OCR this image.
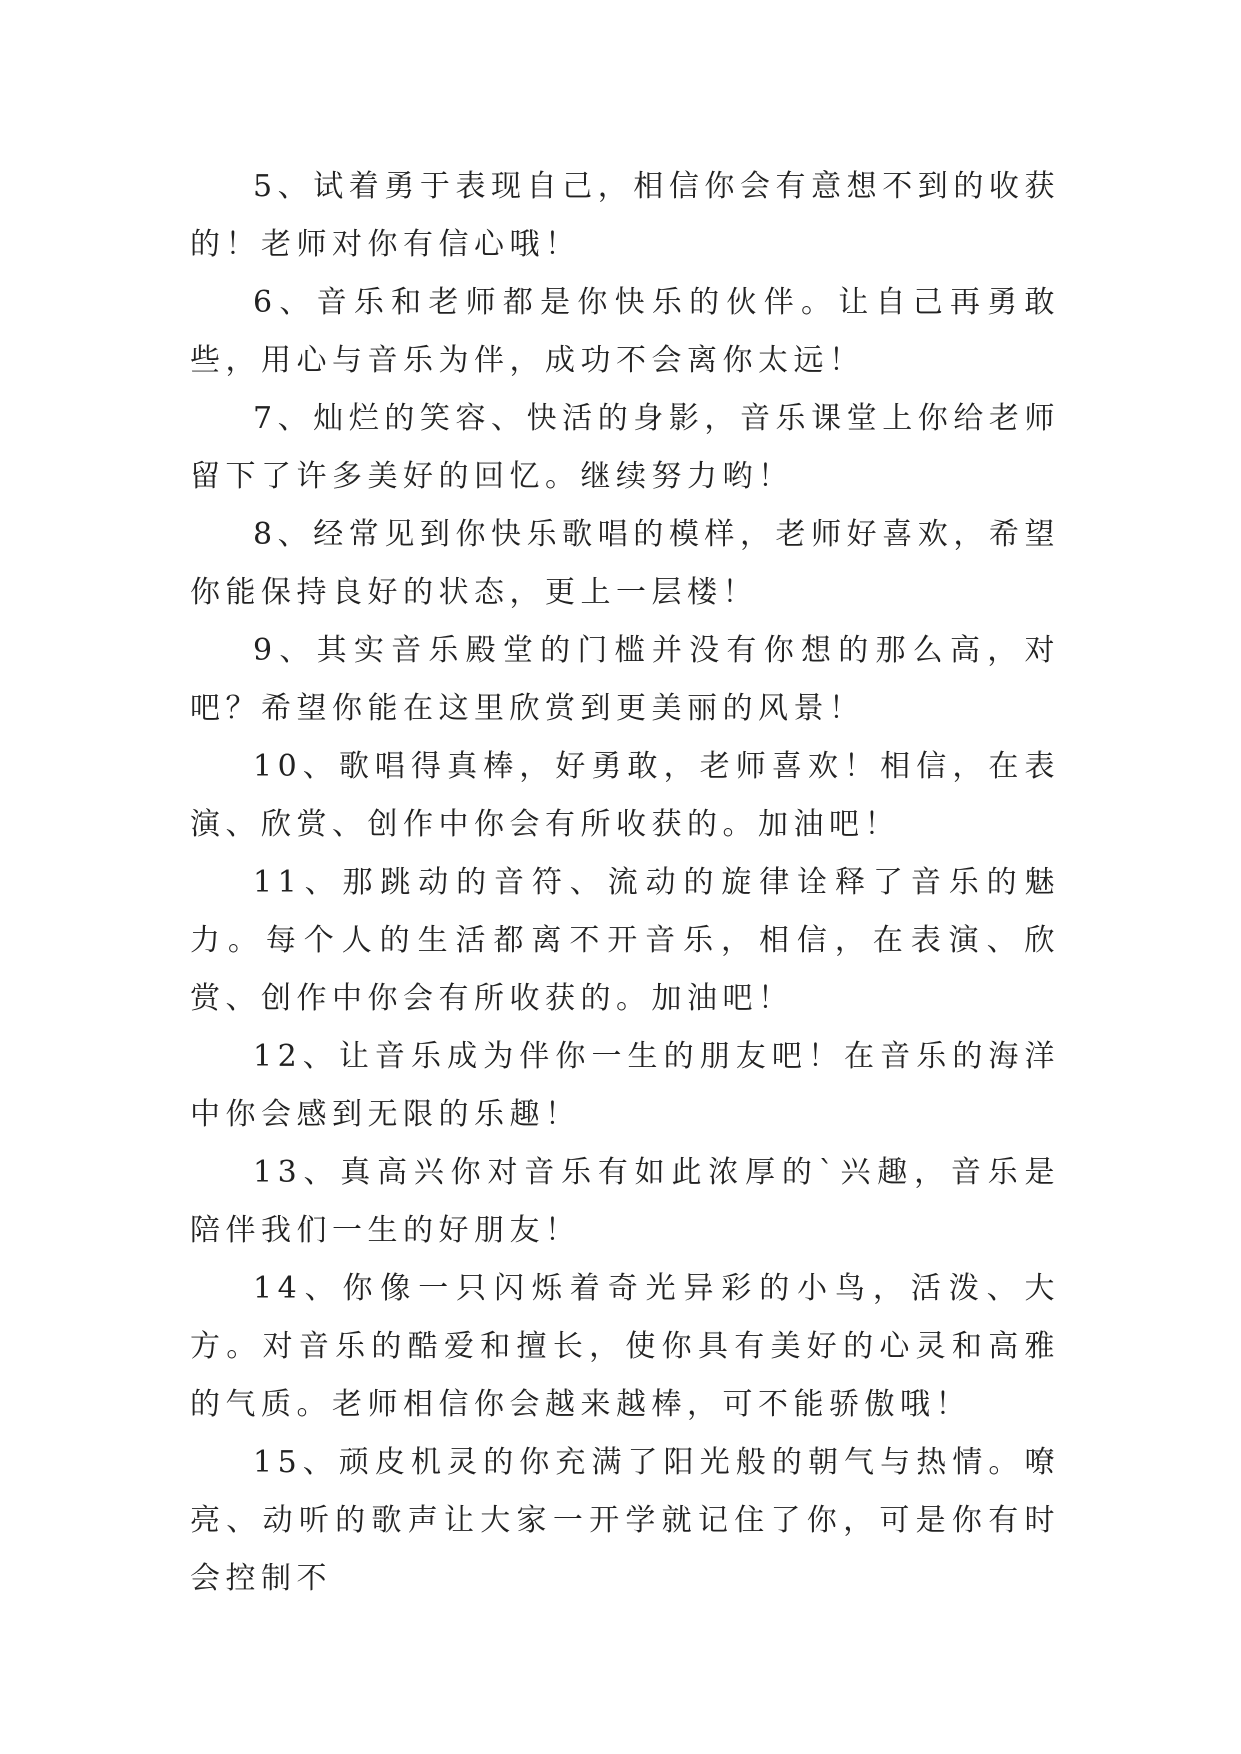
5、试着勇于表现自己，相信你会有意想不到的收获的！老师对你有信心哦！

6、音乐和老师都是你快乐的伙伴。让自己再勇敢些，用心与音乐为伴，成功不会离你太远！

7、灿烂的笑容、快活的身影，音乐课堂上你给老师留下了许多美好的回忆。继续努力哟！

8、经常见到你快乐歌唱的模样，老师好喜欢，希望你能保持良好的状态，更上一层楼！

9、其实音乐殿堂的门槛并没有你想的那么高，对吧？希望你能在这里欣赏到更美丽的风景！

10、歌唱得真棒，好勇敢，老师喜欢！相信，在表演、欣赏、创作中你会有所收获的。加油吧！

11、那跳动的音符、流动的旋律诠释了音乐的魅力。每个人的生活都离不开音乐，相信，在表演、欣赏、创作中你会有所收获的。加油吧！

12、让音乐成为伴你一生的朋友吧！在音乐的海洋中你会感到无限的乐趣！

13、真高兴你对音乐有如此浓厚的`兴趣，音乐是陪伴我们一生的好朋友！

14、你像一只闪烁着奇光异彩的小鸟，活泼、大方。对音乐的酷爱和擅长，使你具有美好的心灵和高雅的气质。老师相信你会越来越棒，可不能骄傲哦！

15、顽皮机灵的你充满了阳光般的朝气与热情。嘹亮、动听的歌声让大家一开学就记住了你，可是你有时会控制不
